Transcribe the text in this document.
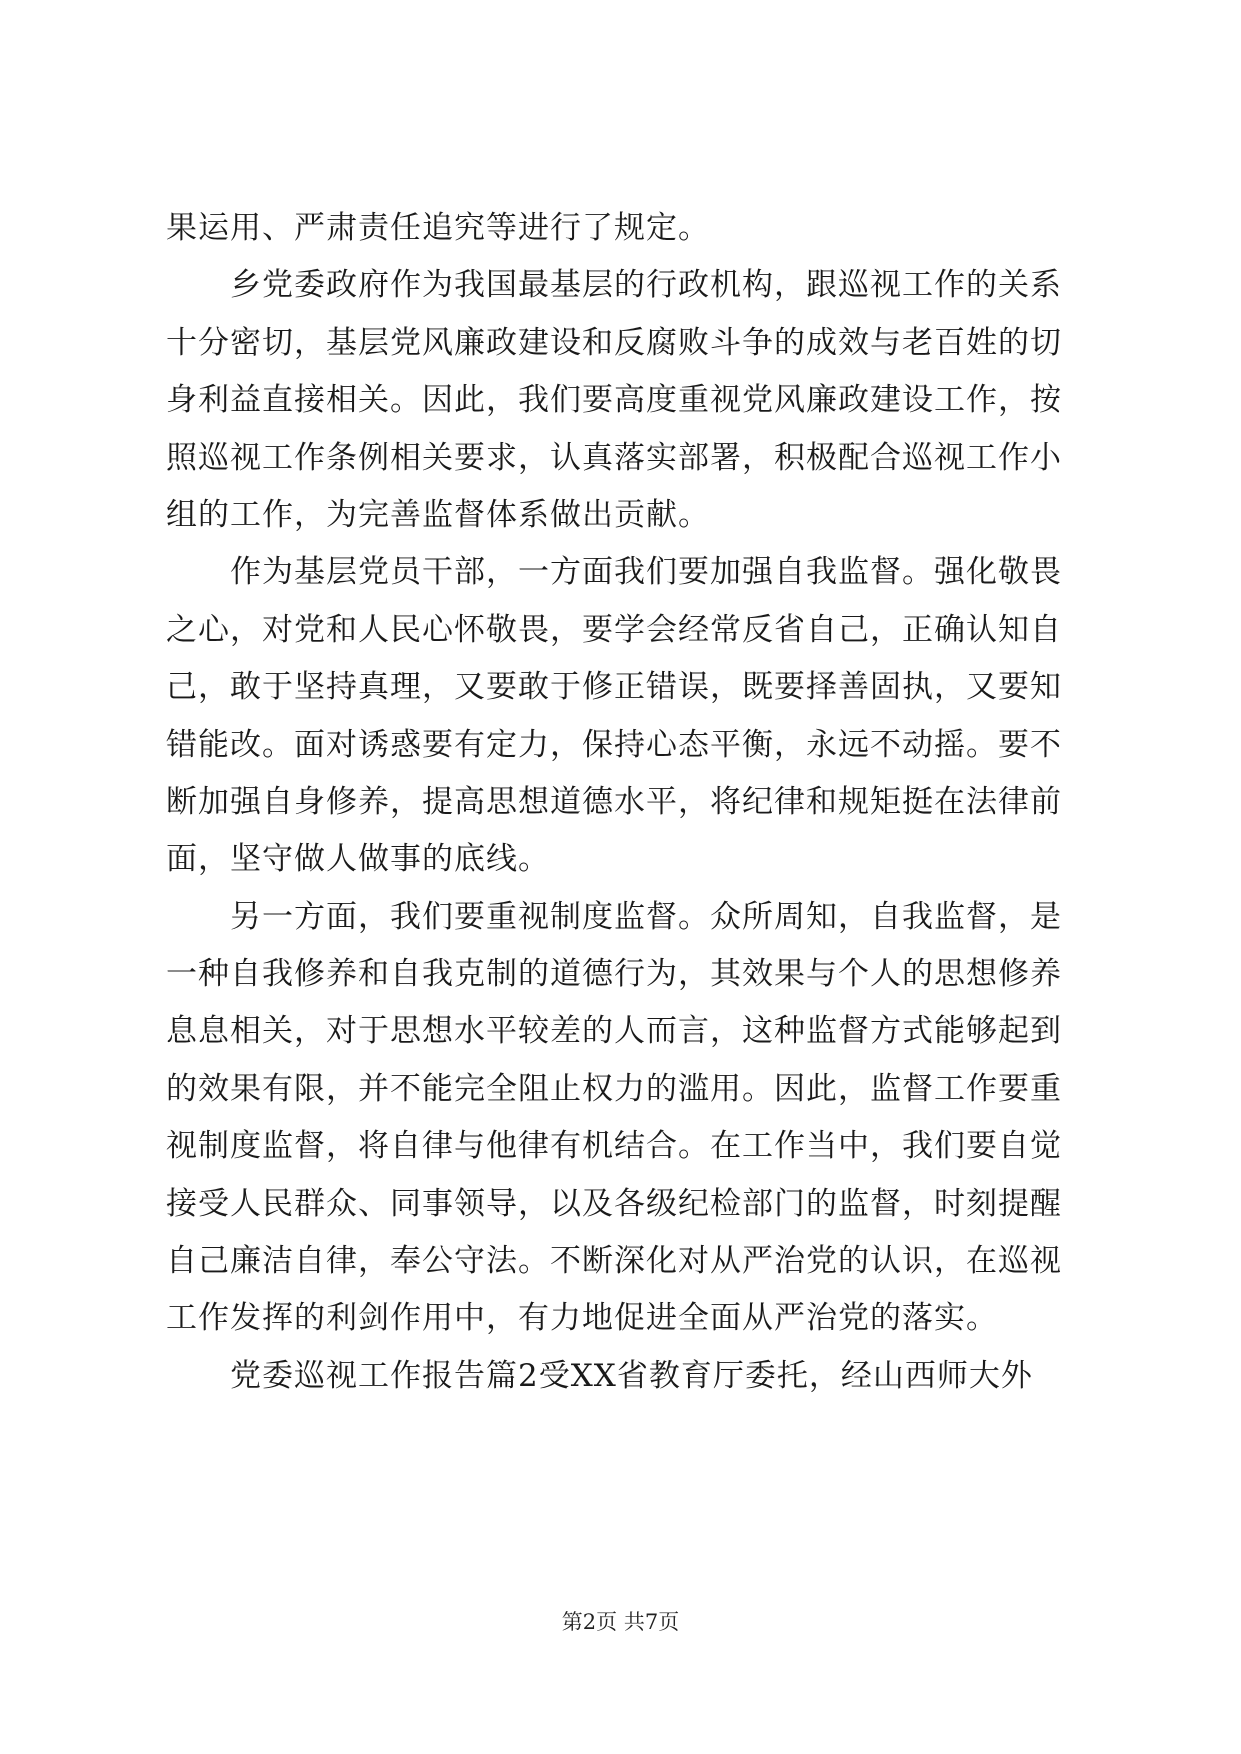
果运用、严肃责任追究等进行了规定。
　　乡党委政府作为我国最基层的行政机构，跟巡视工作的关系
十分密切，基层党风廉政建设和反腐败斗争的成效与老百姓的切
身利益直接相关。因此，我们要高度重视党风廉政建设工作，按
照巡视工作条例相关要求，认真落实部署，积极配合巡视工作小
组的工作，为完善监督体系做出贡献。
　　作为基层党员干部，一方面我们要加强自我监督。强化敬畏
之心，对党和人民心怀敬畏，要学会经常反省自己，正确认知自
己，敢于坚持真理，又要敢于修正错误，既要择善固执，又要知
错能改。面对诱惑要有定力，保持心态平衡，永远不动摇。要不
断加强自身修养，提高思想道德水平，将纪律和规矩挺在法律前
面，坚守做人做事的底线。
　　另一方面，我们要重视制度监督。众所周知，自我监督，是
一种自我修养和自我克制的道德行为，其效果与个人的思想修养
息息相关，对于思想水平较差的人而言，这种监督方式能够起到
的效果有限，并不能完全阻止权力的滥用。因此，监督工作要重
视制度监督，将自律与他律有机结合。在工作当中，我们要自觉
接受人民群众、同事领导，以及各级纪检部门的监督，时刻提醒
自己廉洁自律，奉公守法。不断深化对从严治党的认识，在巡视
工作发挥的利剑作用中，有力地促进全面从严治党的落实。
　　党委巡视工作报告篇2受XX省教育厅委托，经山西师大外
第2页 共7页
